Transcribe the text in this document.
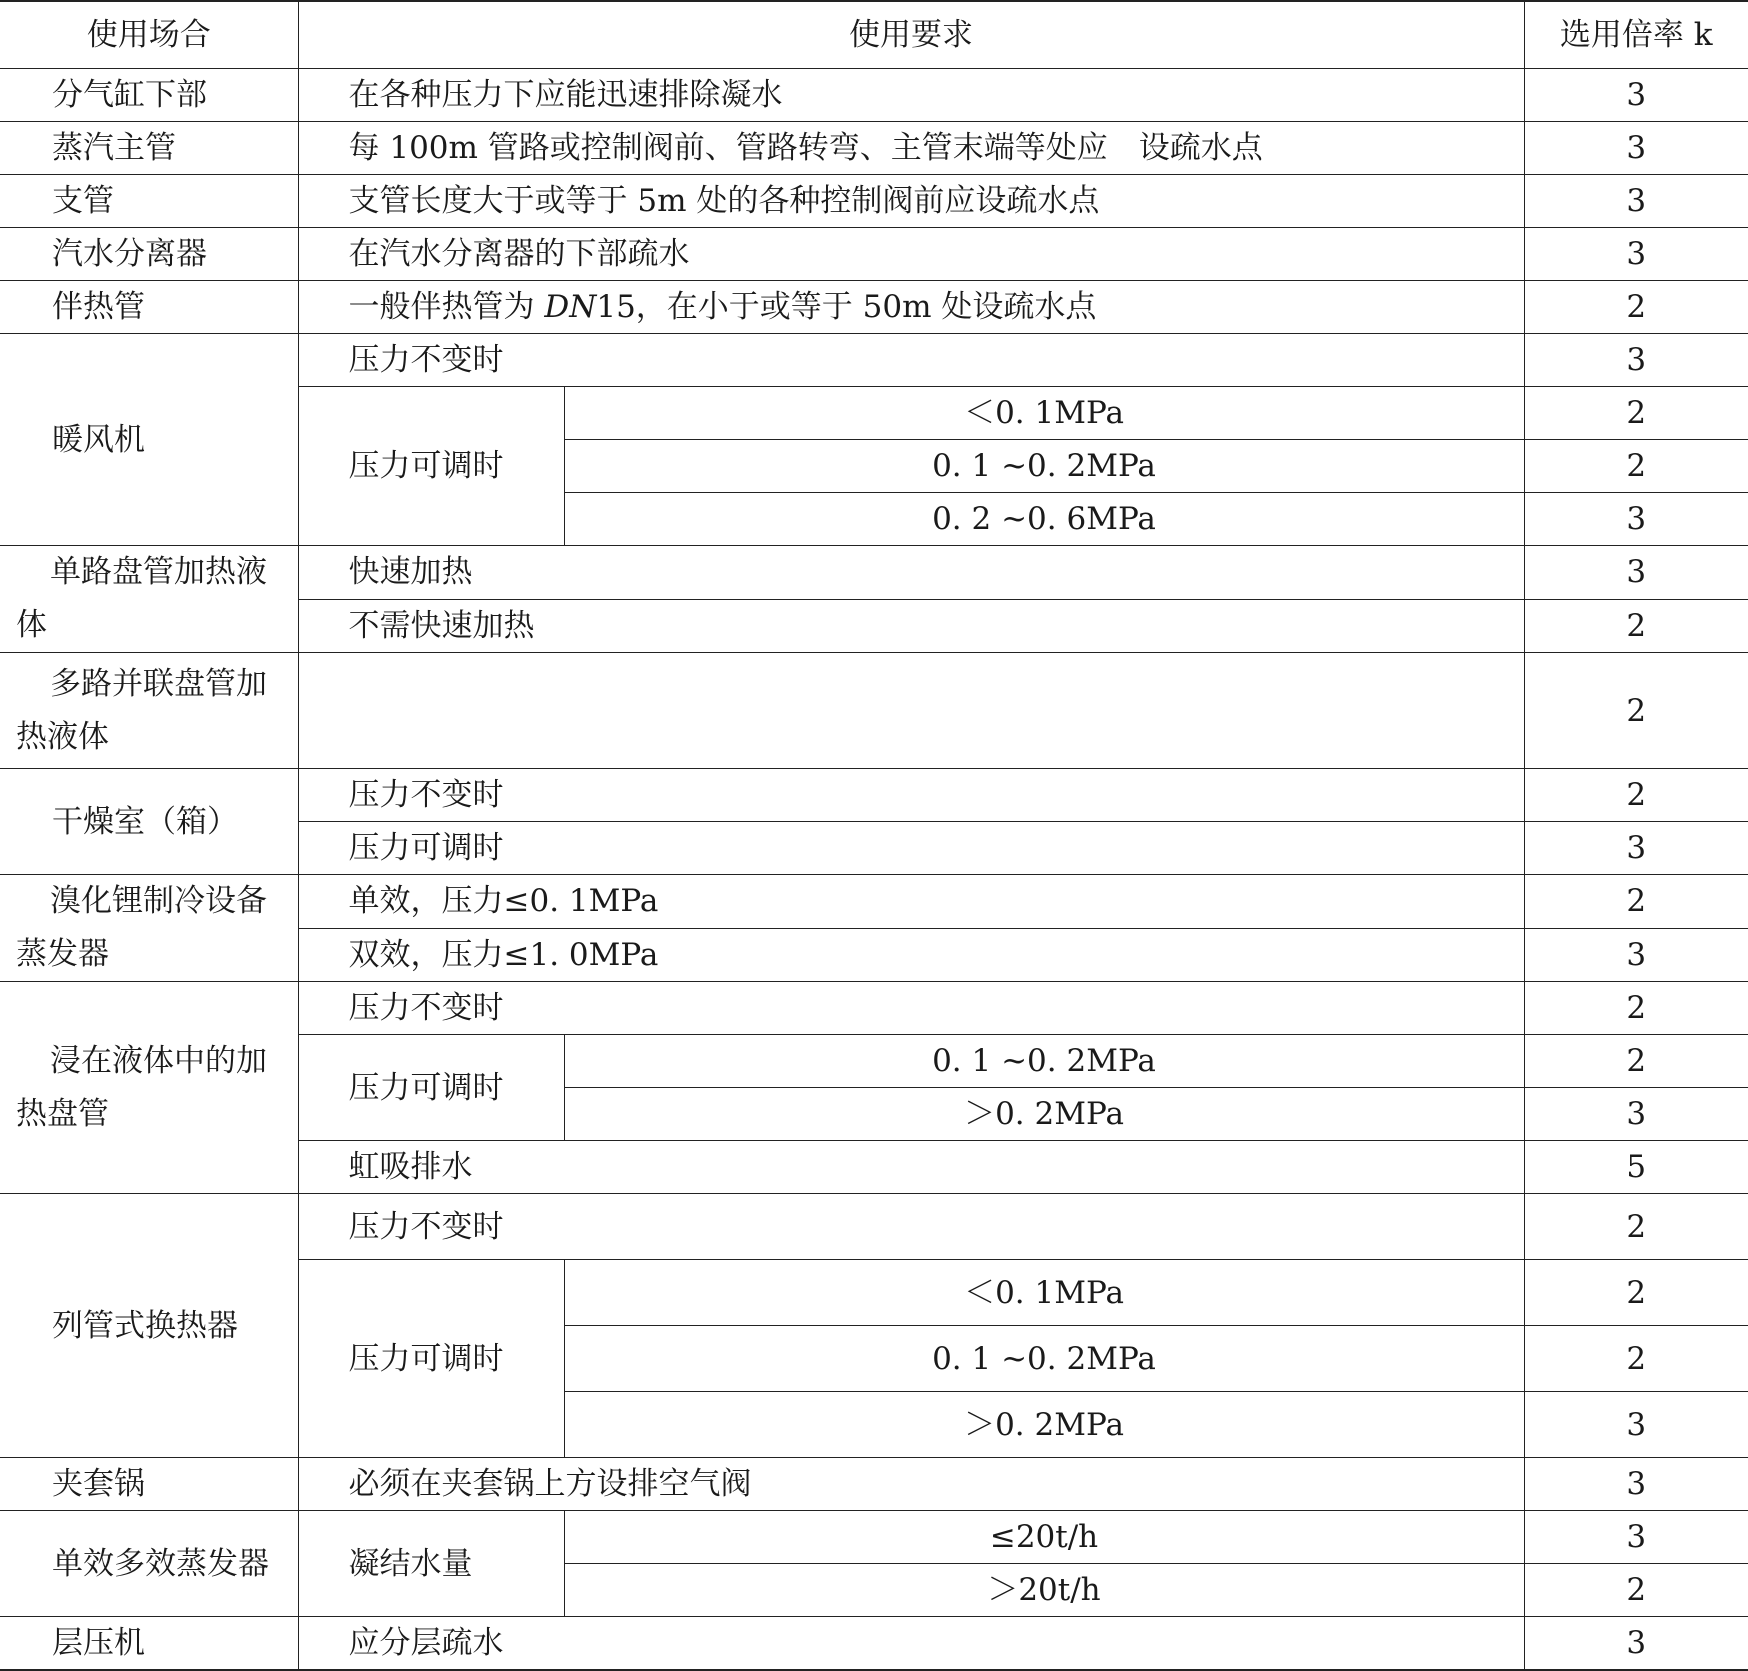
使用场合	使用要求		选用倍率 k
分气缸下部	在各种压力下应能迅速排除凝水		3
蒸汽主管	每 100m 管路或控制阀前、管路转弯、主管末端等处应　设疏水点		3
支管	支管长度大于或等于 5m 处的各种控制阀前应设疏水点		3
汽水分离器	在汽水分离器的下部疏水		3
伴热管	一般伴热管为 DN15，在小于或等于 50m 处设疏水点		2
暖风机	压力不变时		3
	压力可调时	＜0. 1MPa	2
		0. 1 ~0. 2MPa	2
		0. 2 ~0. 6MPa	3
单路盘管加热液体	快速加热		3
	不需快速加热		2
多路并联盘管加热液体			2
干燥室（箱）	压力不变时		2
	压力可调时		3
溴化锂制冷设备蒸发器	单效，压力≤0. 1MPa		2
	双效，压力≤1. 0MPa		3
浸在液体中的加热盘管	压力不变时		2
	压力可调时	0. 1 ~0. 2MPa	2
		＞0. 2MPa	3
	虹吸排水		5
列管式换热器	压力不变时		2
	压力可调时	＜0. 1MPa	2
		0. 1 ~0. 2MPa	2
		＞0. 2MPa	3
夹套锅	必须在夹套锅上方设排空气阀		3
单效多效蒸发器	凝结水量	≤20t/h	3
		＞20t/h	2
层压机	应分层疏水		3
